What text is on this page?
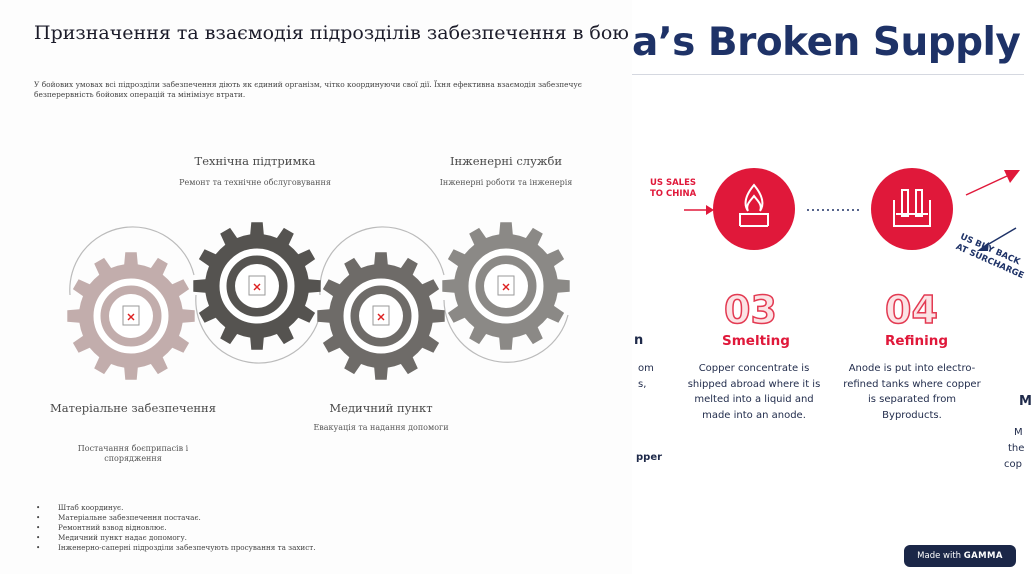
Призначення та взаємодія підрозділів забезпечення в бою
У бойових умовах всі підрозділи забезпечення діють як єдиний організм, чітко координуючи свої дії. Їхня ефективна взаємодія забезпечує безперервність бойових операцій та мінімізує втрати.
Технічна підтримка
Ремонт та технічне обслуговування
Інженерні служби
Інженерні роботи та інженерія
Матеріальне забезпечення
Постачання боєприпасів і спорядження
Медичний пункт
Евакуація та надання допомоги
• Штаб координує.
• Матеріальне забезпечення постачає.
• Ремонтний взвод відновлює.
• Медичний пункт надає допомогу.
• Інженерно-саперні підрозділи забезпечують просування та захист.
a’s Broken Supply
US SALES
TO CHINA
US BUY BACK
AT SURCHARGE
03	04
Smelting	Refining
Copper concentrate is shipped abroad where it is melted into a liquid and made into an anode.
Anode is put into electro-refined tanks where copper is separated from Byproducts.
n
om
s,
pper
M
M
the
cop
Made with GAMMA
